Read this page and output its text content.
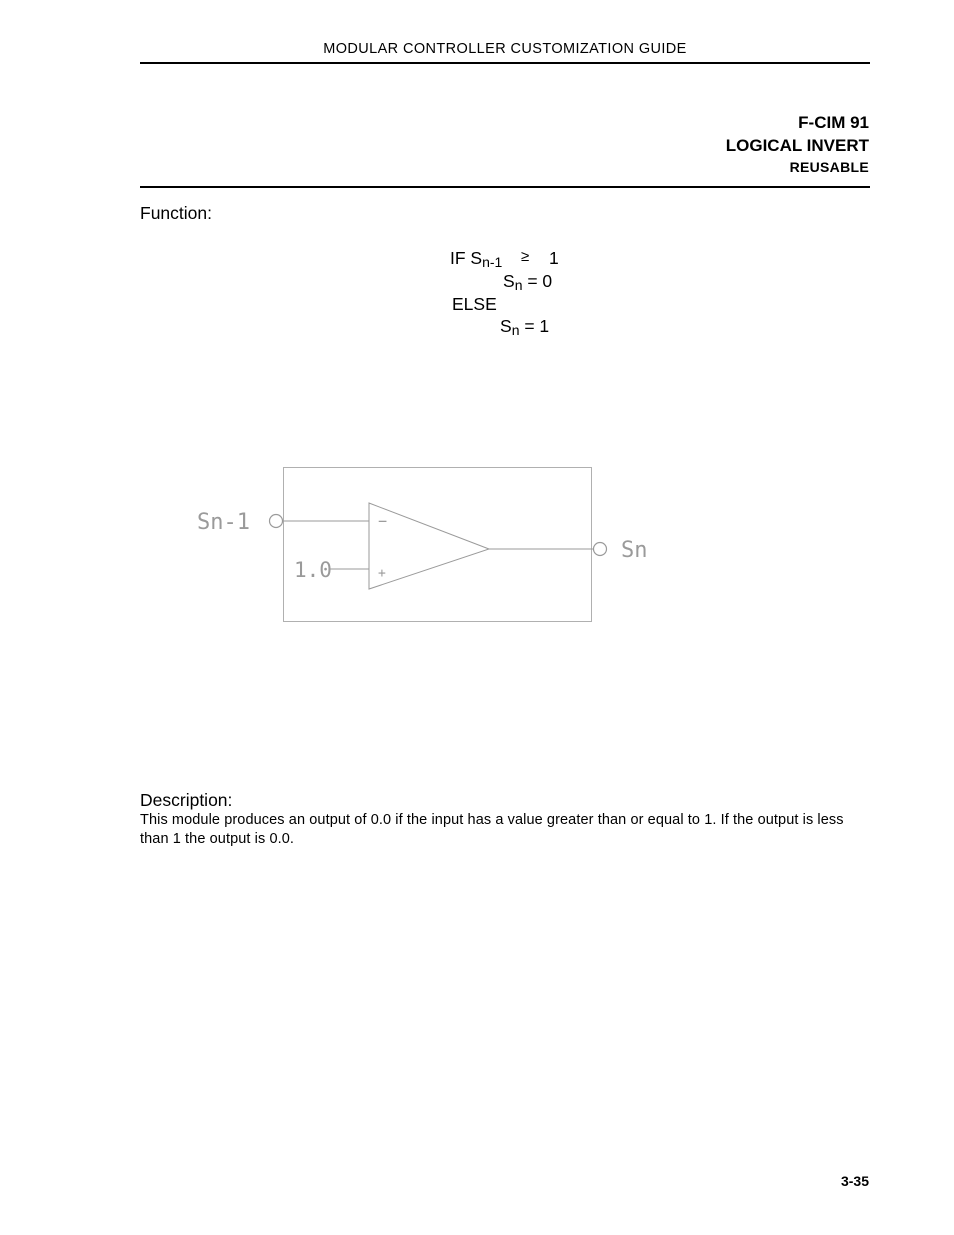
MODULAR CONTROLLER CUSTOMIZATION GUIDE
F-CIM 91
LOGICAL INVERT
REUSABLE
Function:
IF $S_{n-1} \ge 1$
$S_n = 0$
ELSE
$S_n = 1$
−
+
Sn-1
1.0
Sn
Description:
This module produces an output of 0.0 if the input has a value greater than or equal to 1. If the output is less than 1 the output is 0.0.
3-35
